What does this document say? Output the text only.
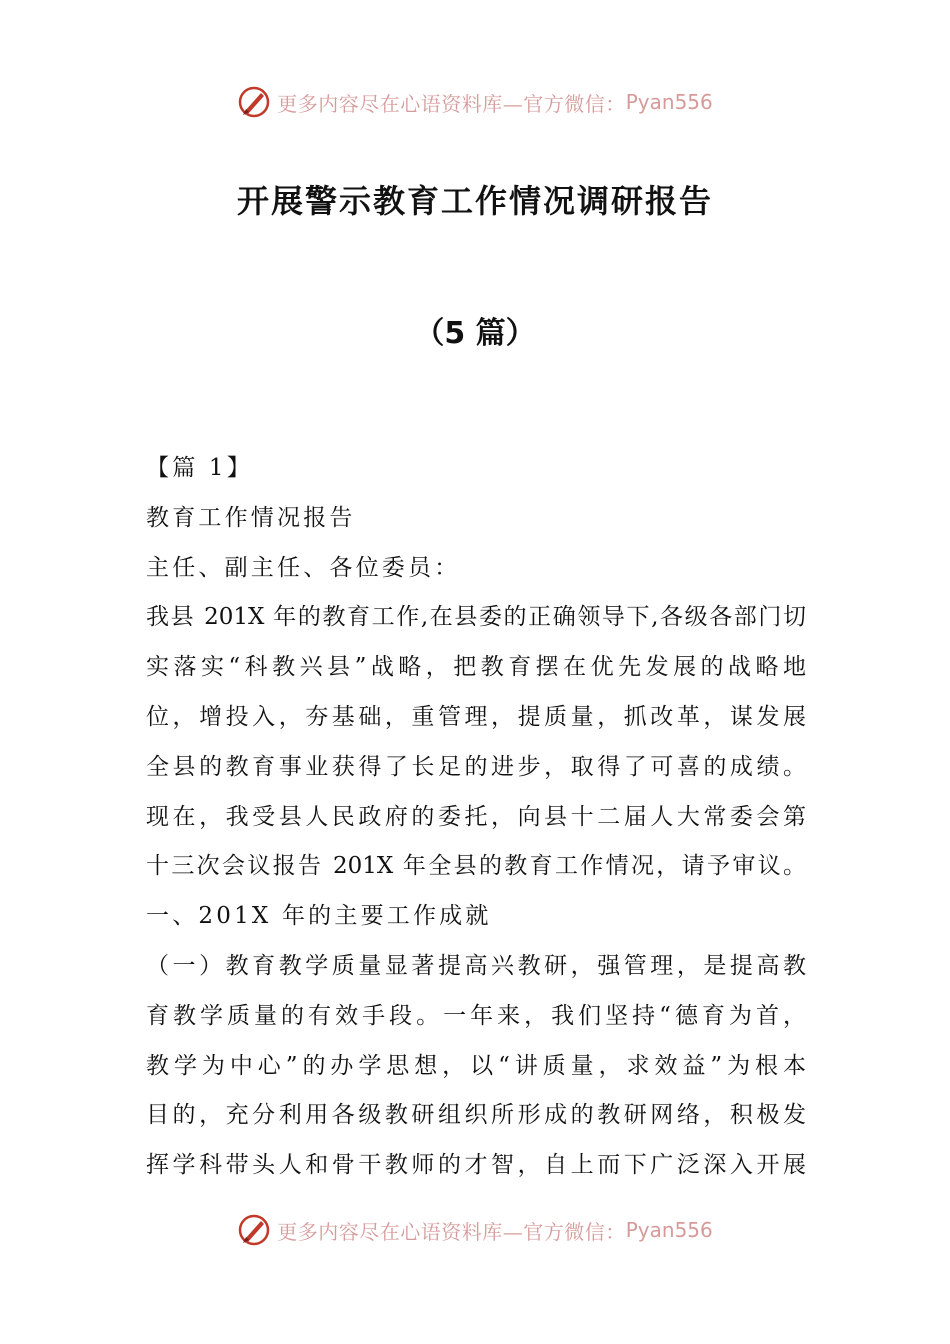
更多内容尽在心语资料库—官方微信： Pyan556
开展警示教育工作情况调研报告
（5 篇）
【篇 1】
教育工作情况报告
主任、副主任、各位委员：
我县 201X 年的教育工作,在县委的正确领导下,各级各部门切
实落实“科教兴县”战略，把教育摆在优先发展的战略地
位，增投入，夯基础，重管理，提质量，抓改革，谋发展
全县的教育事业获得了长足的进步，取得了可喜的成绩。
现在，我受县人民政府的委托，向县十二届人大常委会第
十三次会议报告 201X 年全县的教育工作情况，请予审议。
一、201X 年的主要工作成就
（一）教育教学质量显著提高兴教研，强管理，是提高教
育教学质量的有效手段。一年来，我们坚持“德育为首，
教学为中心”的办学思想，以“讲质量，求效益”为根本
目的，充分利用各级教研组织所形成的教研网络，积极发
挥学科带头人和骨干教师的才智，自上而下广泛深入开展
更多内容尽在心语资料库—官方微信： Pyan556
